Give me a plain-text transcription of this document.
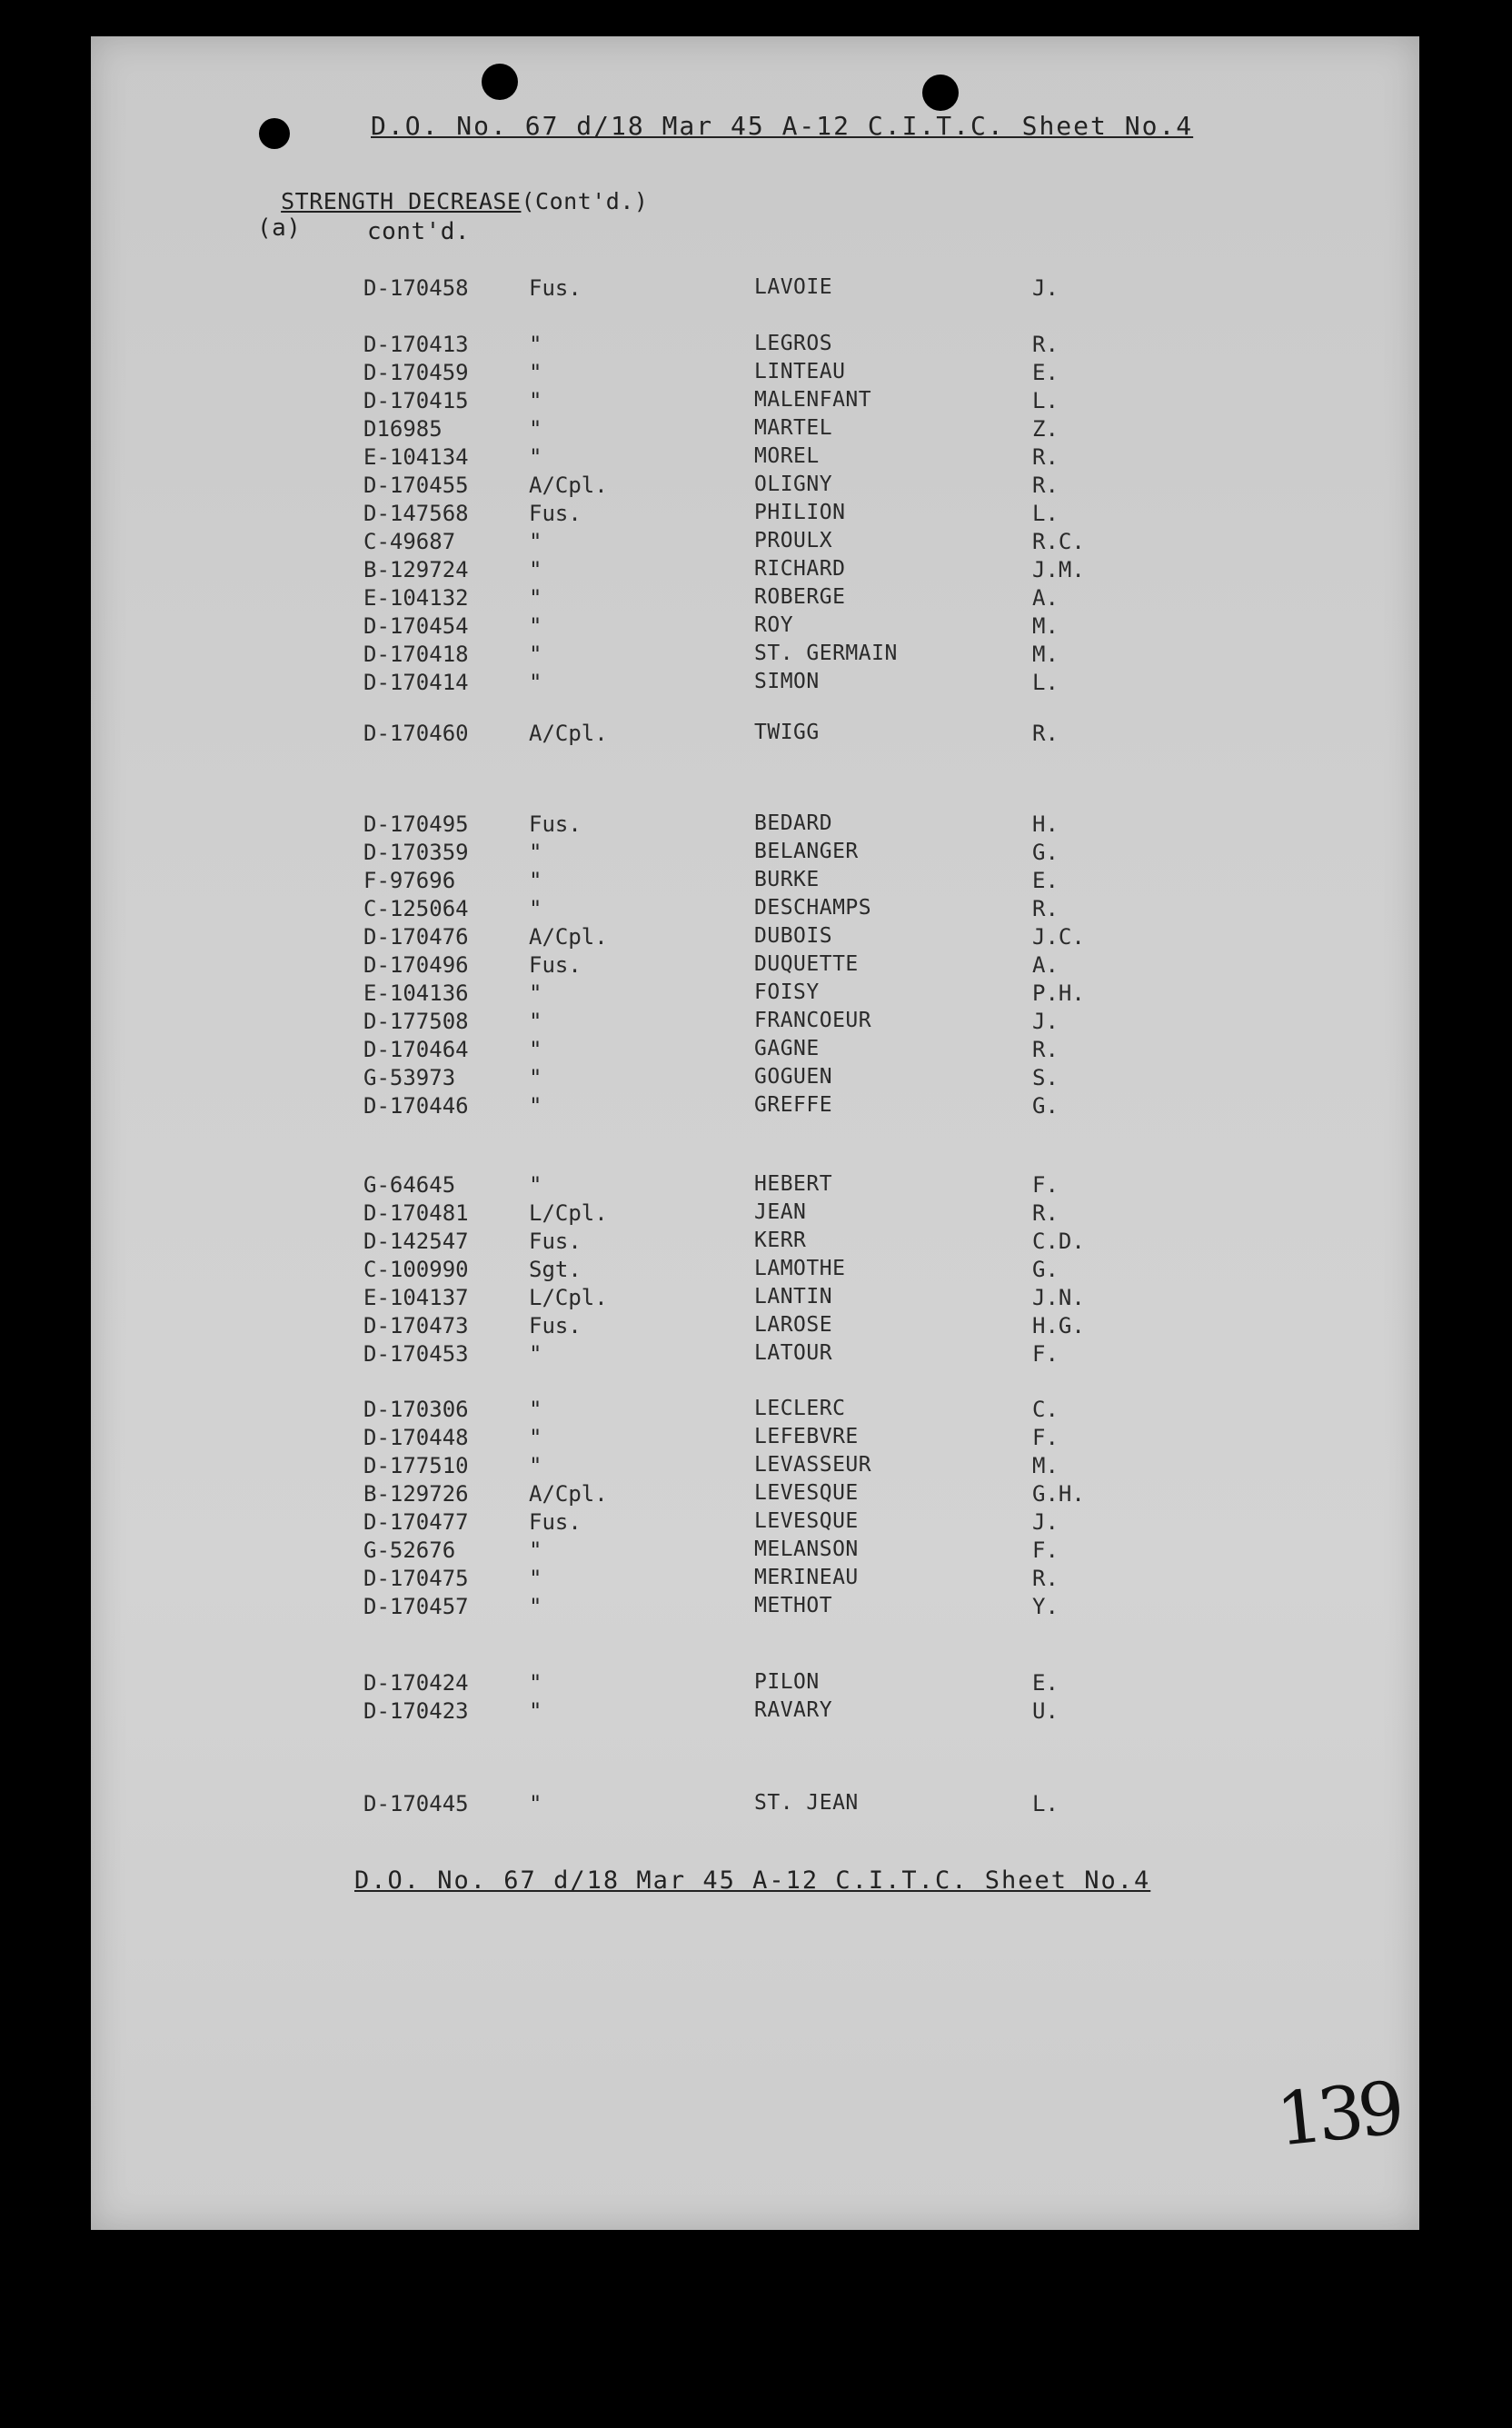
D.O. No. 67 d/18 Mar 45 A-12 C.I.T.C. Sheet No.4

STRENGTH DECREASE(Cont'd.)

(a)	cont'd.
D-170458	Fus.	LAVOIE	J.
D-170413	"	LEGROS	R.
D-170459	"	LINTEAU	E.
D-170415	"	MALENFANT	L.
D16985	"	MARTEL	Z.
E-104134	"	MOREL	R.
D-170455	A/Cpl.	OLIGNY	R.
D-147568	Fus.	PHILION	L.
C-49687	"	PROULX	R.C.
B-129724	"	RICHARD	J.M.
E-104132	"	ROBERGE	A.
D-170454	"	ROY	M.
D-170418	"	ST. GERMAIN	M.
D-170414	"	SIMON	L.
D-170460	A/Cpl.	TWIGG	R.
D-170495	Fus.	BEDARD	H.
D-170359	"	BELANGER	G.
F-97696	"	BURKE	E.
C-125064	"	DESCHAMPS	R.
D-170476	A/Cpl.	DUBOIS	J.C.
D-170496	Fus.	DUQUETTE	A.
E-104136	"	FOISY	P.H.
D-177508	"	FRANCOEUR	J.
D-170464	"	GAGNE	R.
G-53973	"	GOGUEN	S.
D-170446	"	GREFFE	G.
G-64645	"	HEBERT	F.
D-170481	L/Cpl.	JEAN	R.
D-142547	Fus.	KERR	C.D.
C-100990	Sgt.	LAMOTHE	G.
E-104137	L/Cpl.	LANTIN	J.N.
D-170473	Fus.	LAROSE	H.G.
D-170453	"	LATOUR	F.
D-170306	"	LECLERC	C.
D-170448	"	LEFEBVRE	F.
D-177510	"	LEVASSEUR	M.
B-129726	A/Cpl.	LEVESQUE	G.H.
D-170477	Fus.	LEVESQUE	J.
G-52676	"	MELANSON	F.
D-170475	"	MERINEAU	R.
D-170457	"	METHOT	Y.
D-170424	"	PILON	E.
D-170423	"	RAVARY	U.
D-170445	"	ST. JEAN	L.
D.O. No. 67 d/18 Mar 45 A-12 C.I.T.C. Sheet No.4
139
